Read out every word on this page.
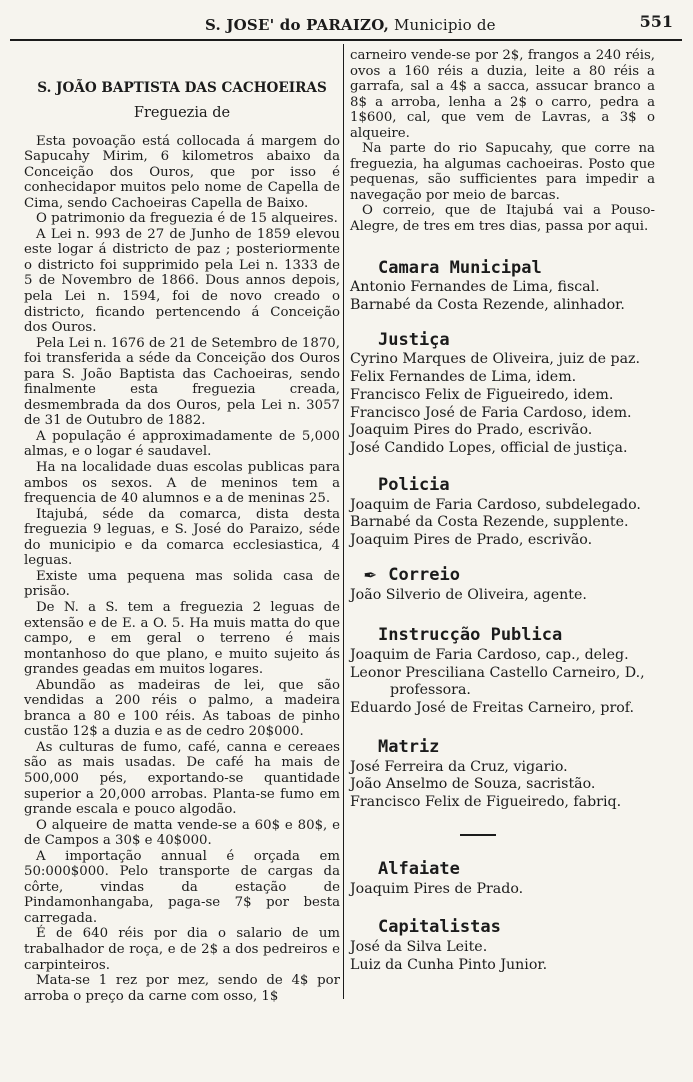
S. JOSE' do PARAIZO, Municipio de	551
S. JOÃO BAPTISTA DAS CACHOEIRAS
Freguezia de

Esta povoação está collocada á margem do Sapucahy Mirim, 6 kilometros abaixo da Conceição dos Ouros, que por isso é conhecidapor muitos pelo nome de Capella de Cima, sendo Cachoeiras Capella de Baixo.

O patrimonio da freguezia é de 15 alqueires.

A Lei n. 993 de 27 de Junho de 1859 elevou este logar á districto de paz ; posteriormente o districto foi supprimido pela Lei n. 1333 de 5 de Novembro de 1866. Dous annos depois, pela Lei n. 1594, foi de novo creado o districto, ficando pertencendo á Conceição dos Ouros.

Pela Lei n. 1676 de 21 de Setembro de 1870, foi transferida a séde da Conceição dos Ouros para S. João Baptista das Cachoeiras, sendo finalmente esta freguezia creada, desmembrada da dos Ouros, pela Lei n. 3057 de 31 de Outubro de 1882.

A população é approximadamente de 5,000 almas, e o logar é saudavel.

Ha na localidade duas escolas publicas para ambos os sexos. A de meninos tem a frequencia de 40 alumnos e a de meninas 25.

Itajubá, séde da comarca, dista desta freguezia 9 leguas, e S. José do Paraizo, séde do municipio e da comarca ecclesiastica, 4 leguas.

Existe uma pequena mas solida casa de prisão.

De N. a S. tem a freguezia 2 leguas de extensão e de E. a O. 5. Ha muis matta do que campo, e em geral o terreno é mais montanhoso do que plano, e muito sujeito ás grandes geadas em muitos logares.

Abundão as madeiras de lei, que são vendidas a 200 réis o palmo, a madeira branca a 80 e 100 réis. As taboas de pinho custão 12$ a duzia e as de cedro 20$000.

As culturas de fumo, café, canna e cereaes são as mais usadas. De café ha mais de 500,000 pés, exportando-se quantidade superior a 20,000 arrobas. Planta-se fumo em grande escala e pouco algodão.

O alqueire de matta vende-se a 60$ e 80$, e de Campos a 30$ e 40$000.

A importação annual é orçada em 50:000$000. Pelo transporte de cargas da côrte, vindas da estação de Pindamonhangaba, paga-se 7$ por besta carregada.

É de 640 réis por dia o salario de um trabalhador de roça, e de 2$ a dos pedreiros e carpinteiros.

Mata-se 1 rez por mez, sendo de 4$ por arroba o preço da carne com osso, 1$

carneiro vende-se por 2$, frangos a 240 réis, ovos a 160 réis a duzia, leite a 80 réis a garrafa, sal a 4$ a sacca, assucar branco a 8$ a arroba, lenha a 2$ o carro, pedra a 1$600, cal, que vem de Lavras, a 3$ o alqueire.

Na parte do rio Sapucahy, que corre na freguezia, ha algumas cachoeiras. Posto que pequenas, são sufficientes para impedir a navegação por meio de barcas.

O correio, que de Itajubá vai a Pouso-Alegre, de tres em tres dias, passa por aqui.

Camara Municipal
Antonio Fernandes de Lima, fiscal.
Barnabé da Costa Rezende, alinhador.
Justiça
Cyrino Marques de Oliveira, juiz de paz.
Felix Fernandes de Lima, idem.
Francisco Felix de Figueiredo, idem.
Francisco José de Faria Cardoso, idem.
Joaquim Pires do Prado, escrivão.
José Candido Lopes, official de justiça.
Policia
Joaquim de Faria Cardoso, subdelegado.
Barnabé da Costa Rezende, supplente.
Joaquim Pires de Prado, escrivão.
✒ Correio
João Silverio de Oliveira, agente.
Instrucção Publica
Joaquim de Faria Cardoso, cap., deleg.
Leonor Presciliana Castello Carneiro, D.,
professora.
Eduardo José de Freitas Carneiro, prof.
Matriz
José Ferreira da Cruz, vigario.
João Anselmo de Souza, sacristão.
Francisco Felix de Figueiredo, fabriq.
Alfaiate
Joaquim Pires de Prado.
Capitalistas
José da Silva Leite.
Luiz da Cunha Pinto Junior.
